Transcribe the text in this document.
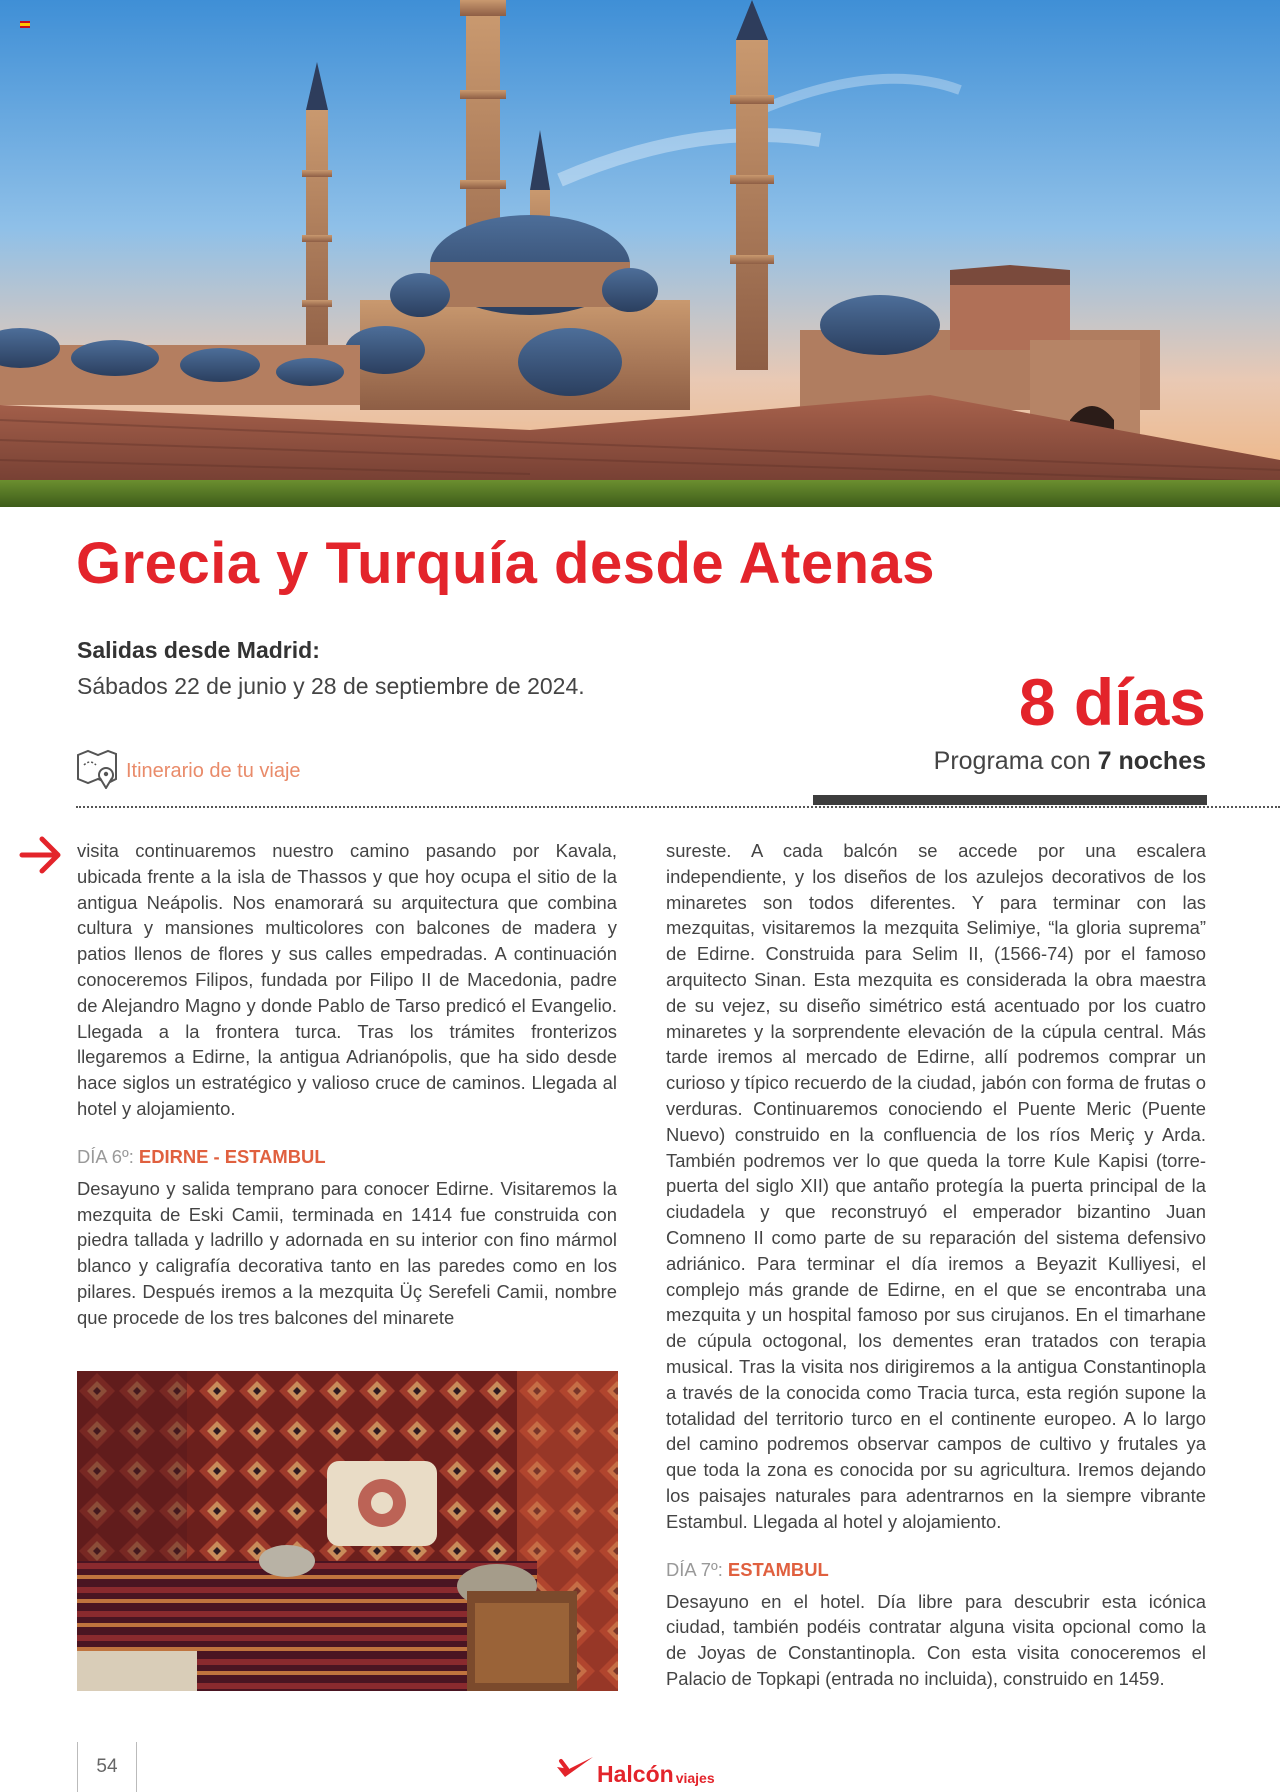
Grecia y Turquía desde Atenas
Salidas desde Madrid:
Sábados 22 de junio y 28 de septiembre de 2024.	8 días
Programa con 7 noches
Itinerario de tu viaje

visita continuaremos nuestro camino pasando por Kavala, ubicada frente a la isla de Thassos y que hoy ocupa el sitio de la antigua Neápolis. Nos enamorará su arquitectura que combina cultura y mansiones multicolores con balcones de madera y patios llenos de flores y sus calles empedradas. A continuación conoceremos Filipos, fundada por Filipo II de Macedonia, padre de Alejandro Magno y donde Pablo de Tarso predicó el Evangelio. Llegada a la frontera turca. Tras los trámites fronterizos llegaremos a Edirne, la antigua Adrianópolis, que ha sido desde hace siglos un estratégico y valioso cruce de caminos. Llegada al hotel y alojamiento.

DÍA 6º: EDIRNE - ESTAMBUL

Desayuno y salida temprano para conocer Edirne. Visitaremos la mezquita de Eski Camii, terminada en 1414 fue construida con piedra tallada y ladrillo y adornada en su interior con fino mármol blanco y caligrafía decorativa tanto en las paredes como en los pilares. Después iremos a la mezquita Üç Serefeli Camii, nombre que procede de los tres balcones del minarete

sureste. A cada balcón se accede por una escalera independiente, y los diseños de los azulejos decorativos de los minaretes son todos diferentes. Y para terminar con las mezquitas, visitaremos la mezquita Selimiye, “la gloria suprema” de Edirne. Construida para Selim II, (1566-74) por el famoso arquitecto Sinan. Esta mezquita es considerada la obra maestra de su vejez, su diseño simétrico está acentuado por los cuatro minaretes y la sorprendente elevación de la cúpula central. Más tarde iremos al mercado de Edirne, allí podremos comprar un curioso y típico recuerdo de la ciudad, jabón con forma de frutas o verduras. Continuaremos conociendo el Puente Meric (Puente Nuevo) construido en la confluencia de los ríos Meriç y Arda. También podremos ver lo que queda la torre Kule Kapisi (torre-puerta del siglo XII) que antaño protegía la puerta principal de la ciudadela y que reconstruyó el emperador bizantino Juan Comneno II como parte de su reparación del sistema defensivo adriánico. Para terminar el día iremos a Beyazit Kulliyesi, el complejo más grande de Edirne, en el que se encontraba una mezquita y un hospital famoso por sus cirujanos. En el timarhane de cúpula octogonal, los dementes eran tratados con terapia musical. Tras la visita nos dirigiremos a la antigua Constantinopla a través de la conocida como Tracia turca, esta región supone la totalidad del territorio turco en el continente europeo. A lo largo del camino podremos observar campos de cultivo y frutales ya que toda la zona es conocida por su agricultura. Iremos dejando los paisajes naturales para adentrarnos en la siempre vibrante Estambul. Llegada al hotel y alojamiento.

DÍA 7º: ESTAMBUL

Desayuno en el hotel. Día libre para descubrir esta icónica ciudad, también podéis contratar alguna visita opcional como la de Joyas de Constantinopla. Con esta visita conoceremos el Palacio de Topkapi (entrada no incluida), construido en 1459.

54	Halcón viajes
